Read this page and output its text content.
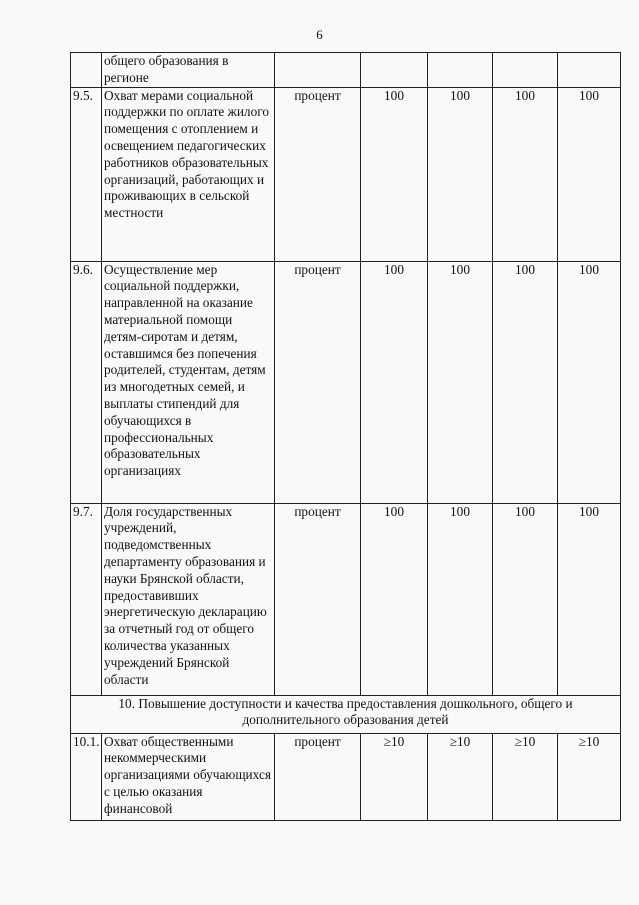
6
	общего образования в регионе					
9.5.	Охват мерами социальной поддержки по оплате жилого помещения с отоплением и освещением педагогических работников образовательных организаций, работающих и проживающих в сельской местности	процент	100	100	100	100
9.6.	Осуществление мер социальной поддержки, направленной на оказание материальной помощи детям-сиротам и детям, оставшимся без попечения родителей, студентам, детям из многодетных семей, и выплаты стипендий для обучающихся в профессиональных образовательных организациях	процент	100	100	100	100
9.7.	Доля государственных учреждений, подведомственных департаменту образования и науки Брянской области, предоставивших энергетическую декларацию за отчетный год от общего количества указанных учреждений Брянской области	процент	100	100	100	100
10. Повышение доступности и качества предоставления дошкольного, общего и дополнительного образования детей						
10.1.	Охват общественными некоммерческими организациями обучающихся с целью оказания финансовой	процент	≥10	≥10	≥10	≥10
